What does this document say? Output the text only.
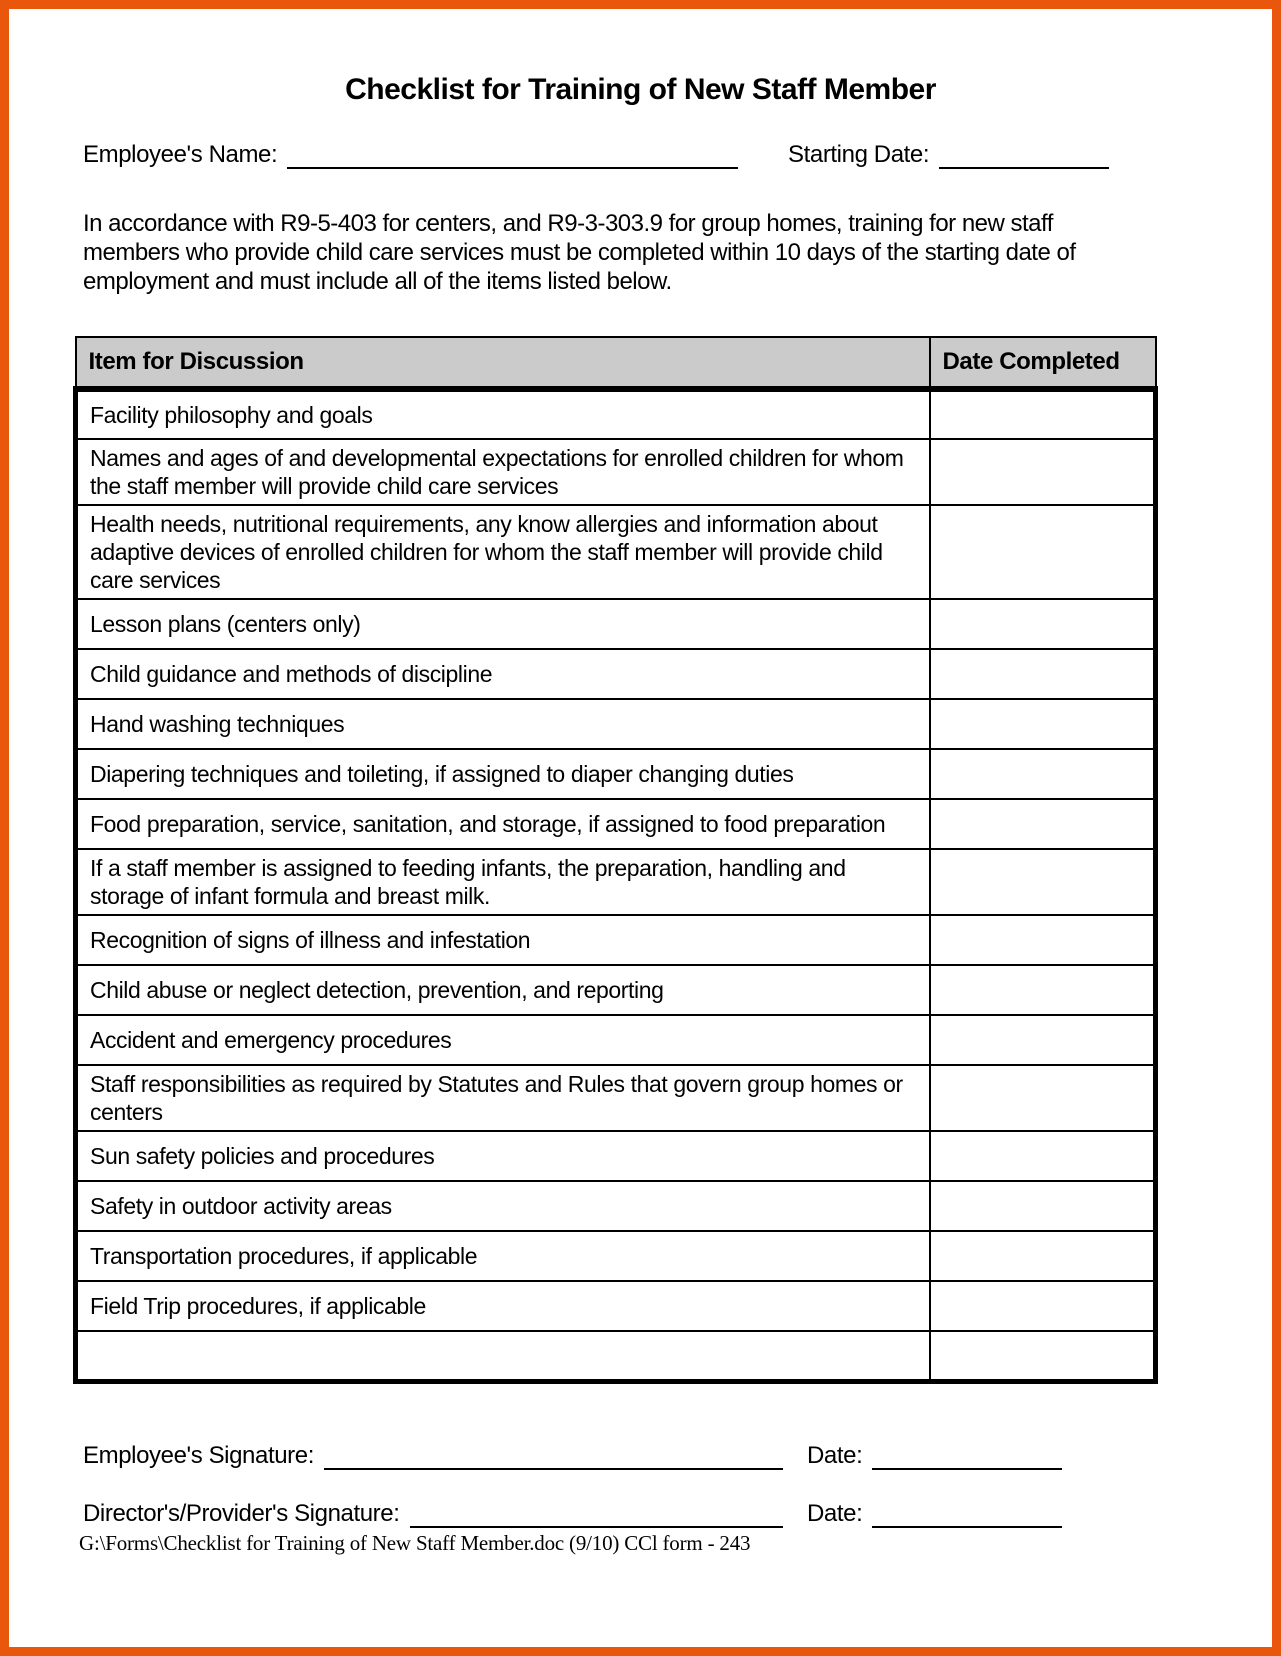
Checklist for Training of New Staff Member
Employee's Name:	Starting Date:
In accordance with R9-5-403 for centers, and R9-3-303.9 for group homes, training for new staff members who provide child care services must be completed within 10 days of the starting date of employment and must include all of the items listed below.
Item for Discussion	Date Completed
Facility philosophy and goals	
Names and ages of and developmental expectations for enrolled children for whom the staff member will provide child care services	
Health needs, nutritional requirements, any know allergies and information about adaptive devices of enrolled children for whom the staff member will provide child care services	
Lesson plans (centers only)	
Child guidance and methods of discipline	
Hand washing techniques	
Diapering techniques and toileting, if assigned to diaper changing duties	
Food preparation, service, sanitation, and storage, if assigned to food preparation	
If a staff member is assigned to feeding infants, the preparation, handling and storage of infant formula and breast milk.	
Recognition of signs of illness and infestation	
Child abuse or neglect detection, prevention, and reporting	
Accident and emergency procedures	
Staff responsibilities as required by Statutes and Rules that govern group homes or centers	
Sun safety policies and procedures	
Safety in outdoor activity areas	
Transportation procedures, if applicable	
Field Trip procedures, if applicable	

Employee's Signature:	Date:
Director's/Provider's Signature:	Date:
G:\Forms\Checklist for Training of New Staff Member.doc (9/10) CCl form - 243
